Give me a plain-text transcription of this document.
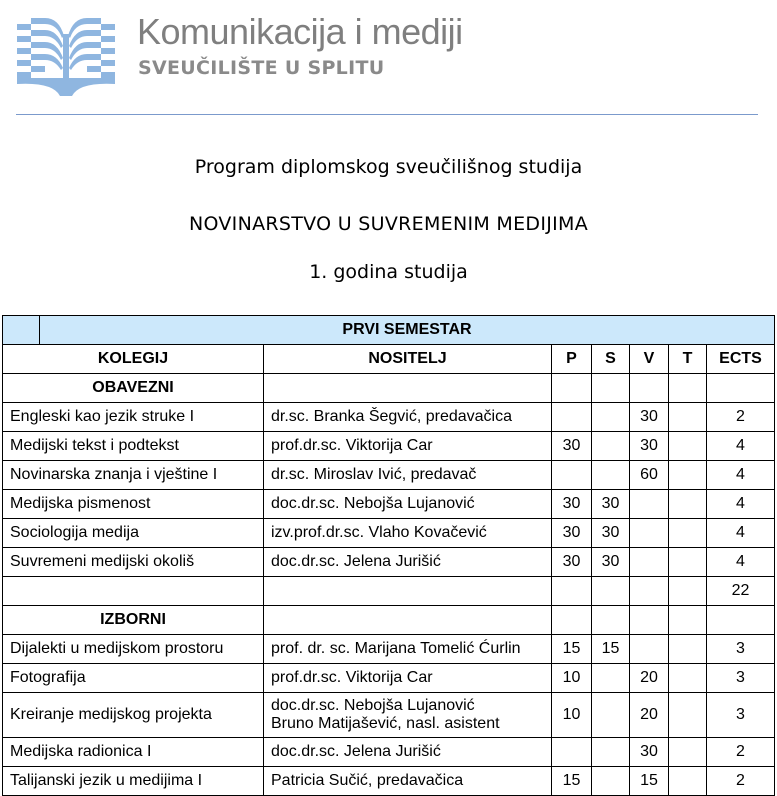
Komunikacija i mediji
SVEUČILIŠTE U SPLITU
Program diplomskog sveučilišnog studija
NOVINARSTVO U SUVREMENIM MEDIJIMA
1. godina studija
	PRVI SEMESTAR						
KOLEGIJ		NOSITELJ	P	S	V	T	ECTS
OBAVEZNI							
Engleski kao jezik struke I		dr.sc. Branka Šegvić, predavačica			30		2
Medijski tekst i podtekst		prof.dr.sc. Viktorija Car	30		30		4
Novinarska znanja i vještine I		dr.sc. Miroslav Ivić, predavač			60		4
Medijska pismenost		doc.dr.sc. Nebojša Lujanović	30	30			4
Sociologija medija		izv.prof.dr.sc. Vlaho Kovačević	30	30			4
Suvremeni medijski okoliš		doc.dr.sc. Jelena Jurišić	30	30			4
							22
IZBORNI							
Dijalekti u medijskom prostoru		prof. dr. sc. Marijana Tomelić Ćurlin	15	15			3
Fotografija		prof.dr.sc. Viktorija Car	10		20		3
Kreiranje medijskog projekta		doc.dr.sc. Nebojša Lujanović
Bruno Matijašević, nasl. asistent	10		20		3
Medijska radionica I		doc.dr.sc. Jelena Jurišić			30		2
Talijanski jezik u medijima I		Patricia Sučić, predavačica	15		15		2
